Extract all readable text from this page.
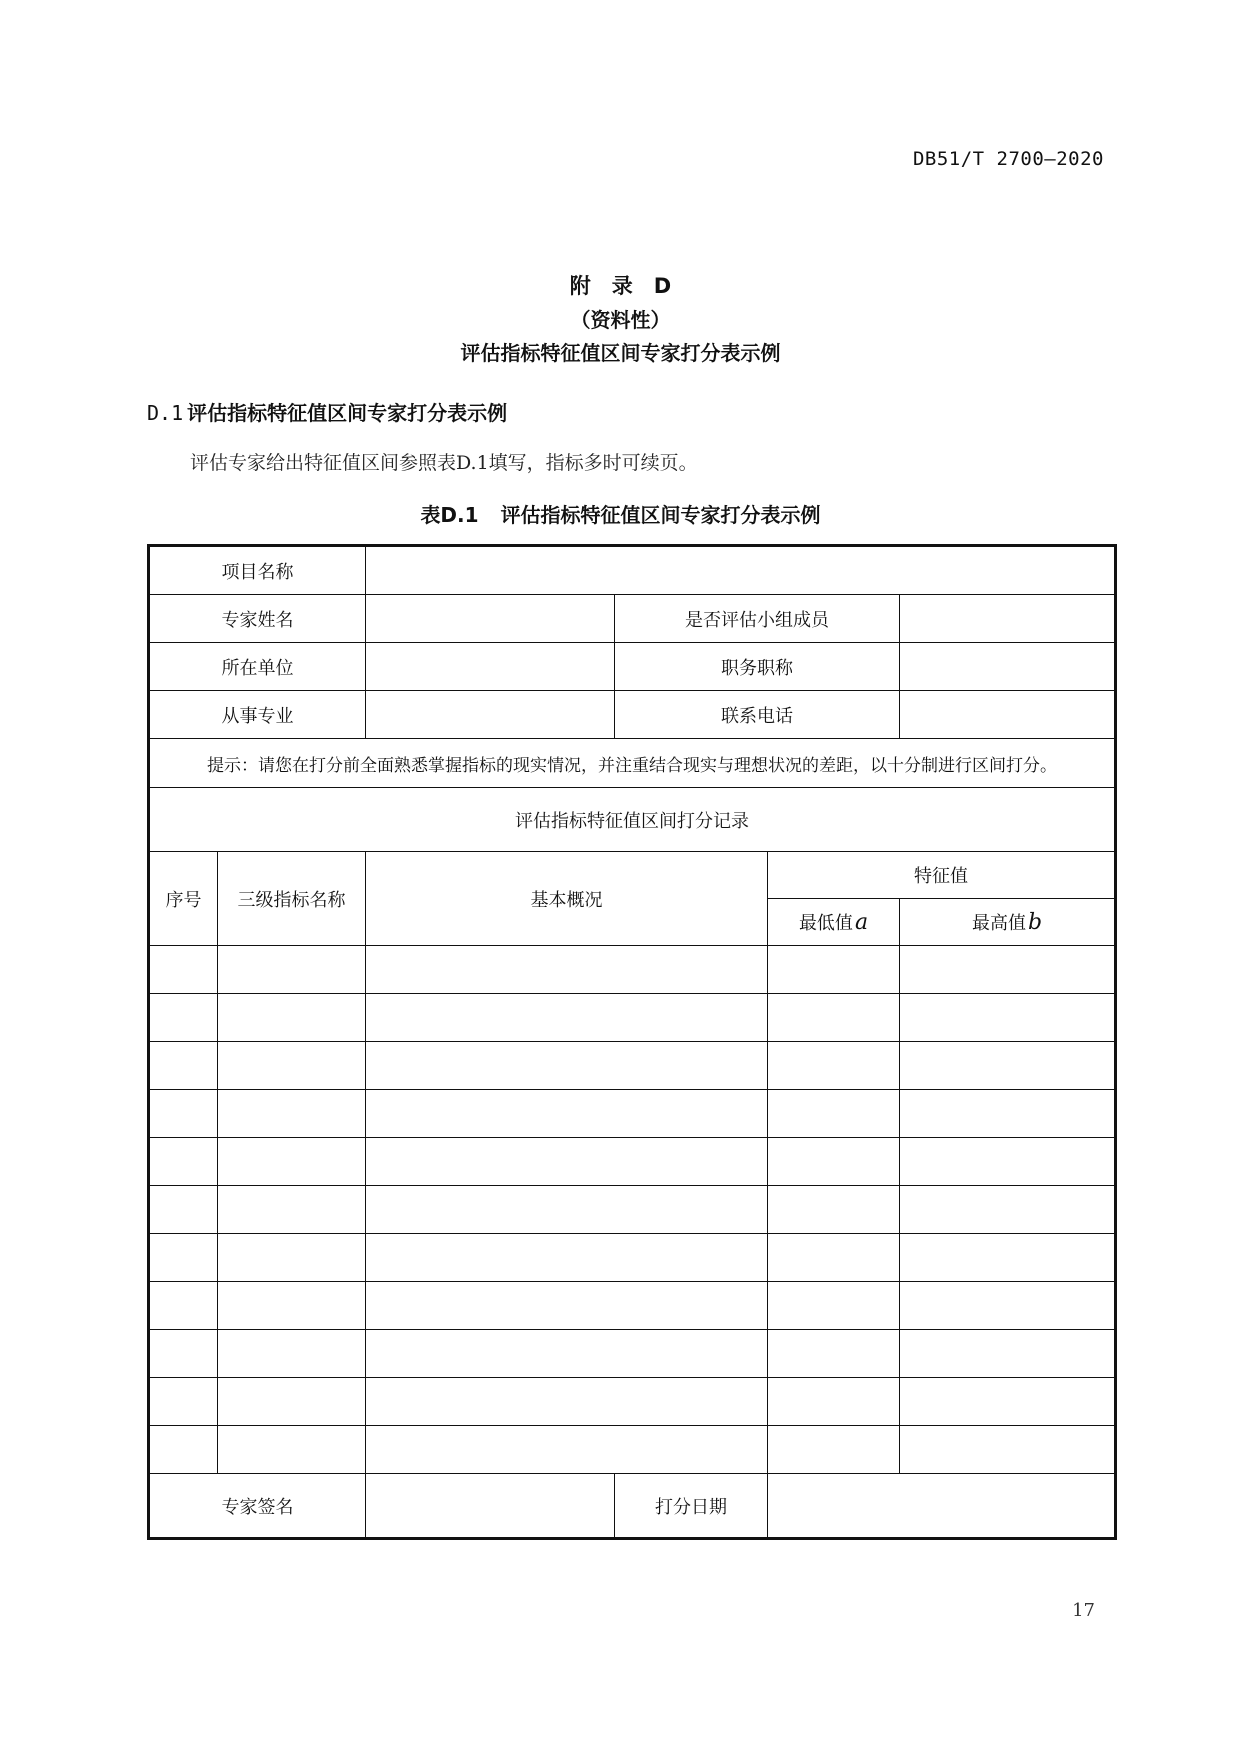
DB51/T 2700—2020
附　录　D
（资料性）
评估指标特征值区间专家打分表示例
D.1 评估指标特征值区间专家打分表示例
评估专家给出特征值区间参照表D.1填写，指标多时可续页。
表D.1 评估指标特征值区间专家打分表示例
项目名称					
专家姓名			是否评估小组成员		
所在单位			职务职称		
从事专业			联系电话		
提示：请您在打分前全面熟悉掌握指标的现实情况，并注重结合现实与理想状况的差距，以十分制进行区间打分。					
评估指标特征值区间打分记录					
序号	三级指标名称	基本概况		特征值	
				最低值a	最高值b

专家签名			打分日期		
17
